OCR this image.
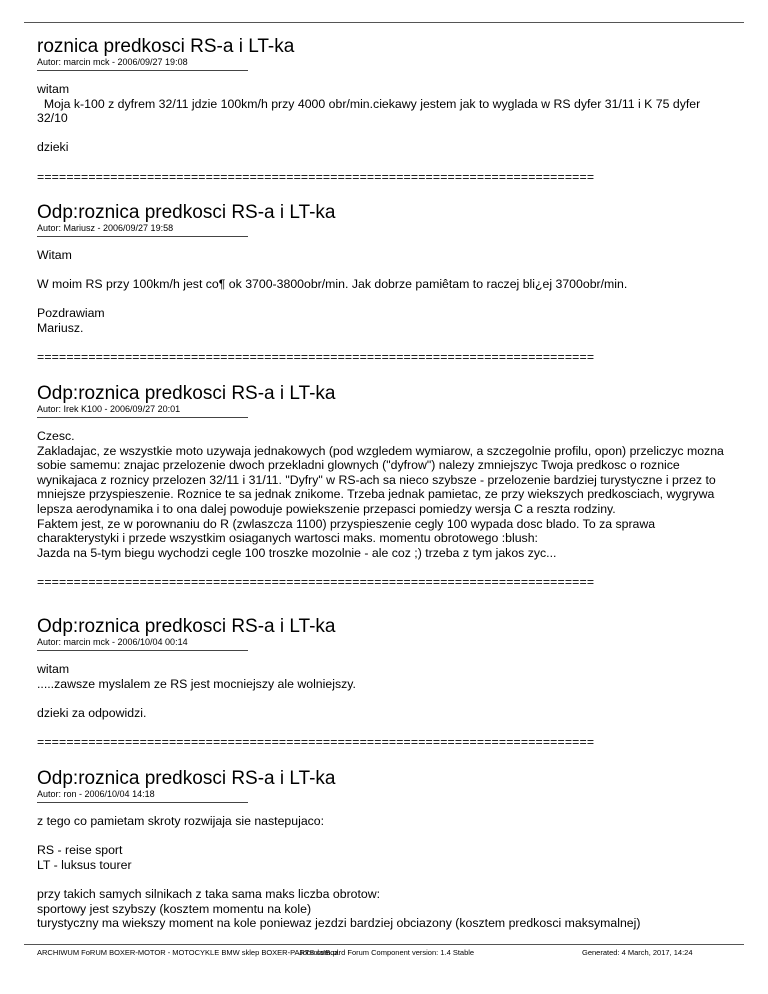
roznica predkosci RS-a i LT-ka
Autor: marcin mck - 2006/09/27 19:08

witam
Moja k-100 z dyfrem 32/11 jdzie 100km/h przy 4000 obr/min.ciekawy jestem jak to wyglada w RS dyfer 31/11 i K 75 dyfer 32/10

dzieki

============================================================================
Odp:roznica predkosci RS-a i LT-ka
Autor: Mariusz - 2006/09/27 19:58

Witam

W moim RS przy 100km/h jest co¶ ok 3700-3800obr/min. Jak dobrze pamiêtam to raczej bli¿ej 3700obr/min.

Pozdrawiam
Mariusz.

============================================================================
Odp:roznica predkosci RS-a i LT-ka
Autor: Irek K100 - 2006/09/27 20:01

Czesc.
Zakladajac, ze wszystkie moto uzywaja jednakowych (pod wzgledem wymiarow, a szczegolnie profilu, opon) przeliczyc mozna sobie samemu: znajac przelozenie dwoch przekladni glownych ("dyfrow") nalezy zmniejszyc Twoja predkosc o roznice wynikajaca z roznicy przelozen 32/11 i 31/11. "Dyfry" w RS-ach sa nieco szybsze - przelozenie bardziej turystyczne i przez to mniejsze przyspieszenie. Roznice te sa jednak znikome. Trzeba jednak pamietac, ze przy wiekszych predkosciach, wygrywa lepsza aerodynamika i to ona dalej powoduje powiekszenie przepasci pomiedzy wersja C a reszta rodziny.
Faktem jest, ze w porownaniu do R (zwlaszcza 1100) przyspieszenie cegly 100 wypada dosc blado. To za sprawa charakterystyki i przede wszystkim osiaganych wartosci maks. momentu obrotowego :blush:
Jazda na 5-tym biegu wychodzi cegle 100 troszke mozolnie - ale coz ;) trzeba z tym jakos zyc...

============================================================================
Odp:roznica predkosci RS-a i LT-ka
Autor: marcin mck - 2006/10/04 00:14

witam
.....zawsze myslalem ze RS jest mocniejszy ale wolniejszy.

dzieki za odpowidzi.

============================================================================
Odp:roznica predkosci RS-a i LT-ka
Autor: ron - 2006/10/04 14:18

z tego co pamietam skroty rozwijaja sie nastepujaco:

RS - reise sport
LT - luksus tourer

przy takich samych silnikach z taka sama maks liczba obrotow:
sportowy jest szybszy (kosztem momentu na kole)
turystyczny ma wiekszy moment na kole poniewaz jezdzi bardziej obciazony (kosztem predkosci maksymalnej)

ARCHIWUM FoRUM BOXER-MOTOR - MOTOCYKLE BMW sklep BOXER-PARTS.com.pl
Joomla!Board Forum Component version: 1.4 Stable	Generated: 4 March, 2017, 14:24
